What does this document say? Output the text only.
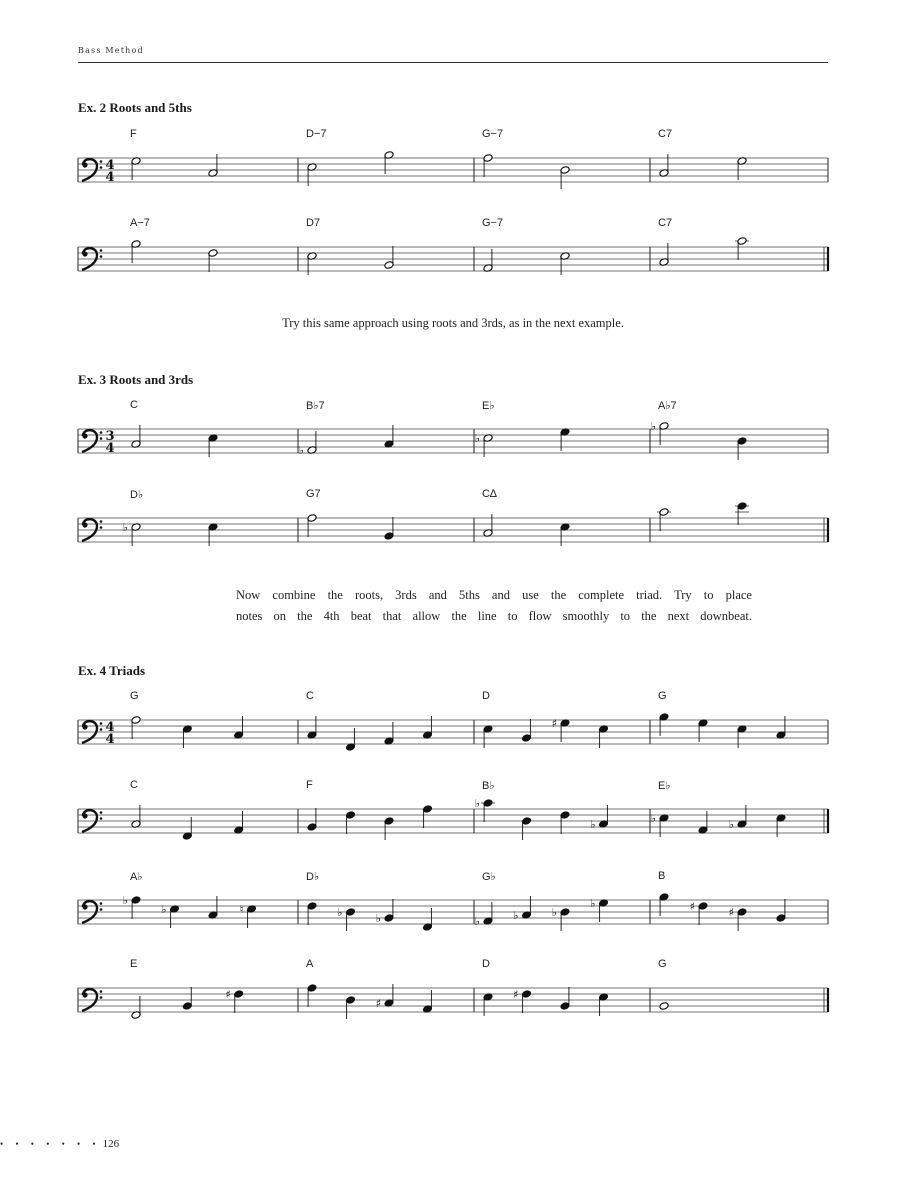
Bass Method
Ex. 2 Roots and 5ths
F	D−7	G−7	C7
4
4
A−7	D7	G−7	C7
Try this same approach using roots and 3rds, as in the next example.
Ex. 3 Roots and 3rds
C	B♭7	E♭	A♭7
3
4	♭
♭
♭
D♭	G7	C∆
♭
Now combine the roots, 3rds and 5ths and use the complete triad. Try to place
notes on the 4th beat that allow the line to flow smoothly to the next downbeat.
Ex. 4 Triads
G	C	D	G
4
4
♯
C	F	B♭	E♭
♭
♭	♭	♭
A♭	D♭	G♭	B
♭
♭	♮	♭	♭	♭	♭	♭
♭	♯	♯
E	A	D	G
♯
♯
♯
• • • • • • • 126
